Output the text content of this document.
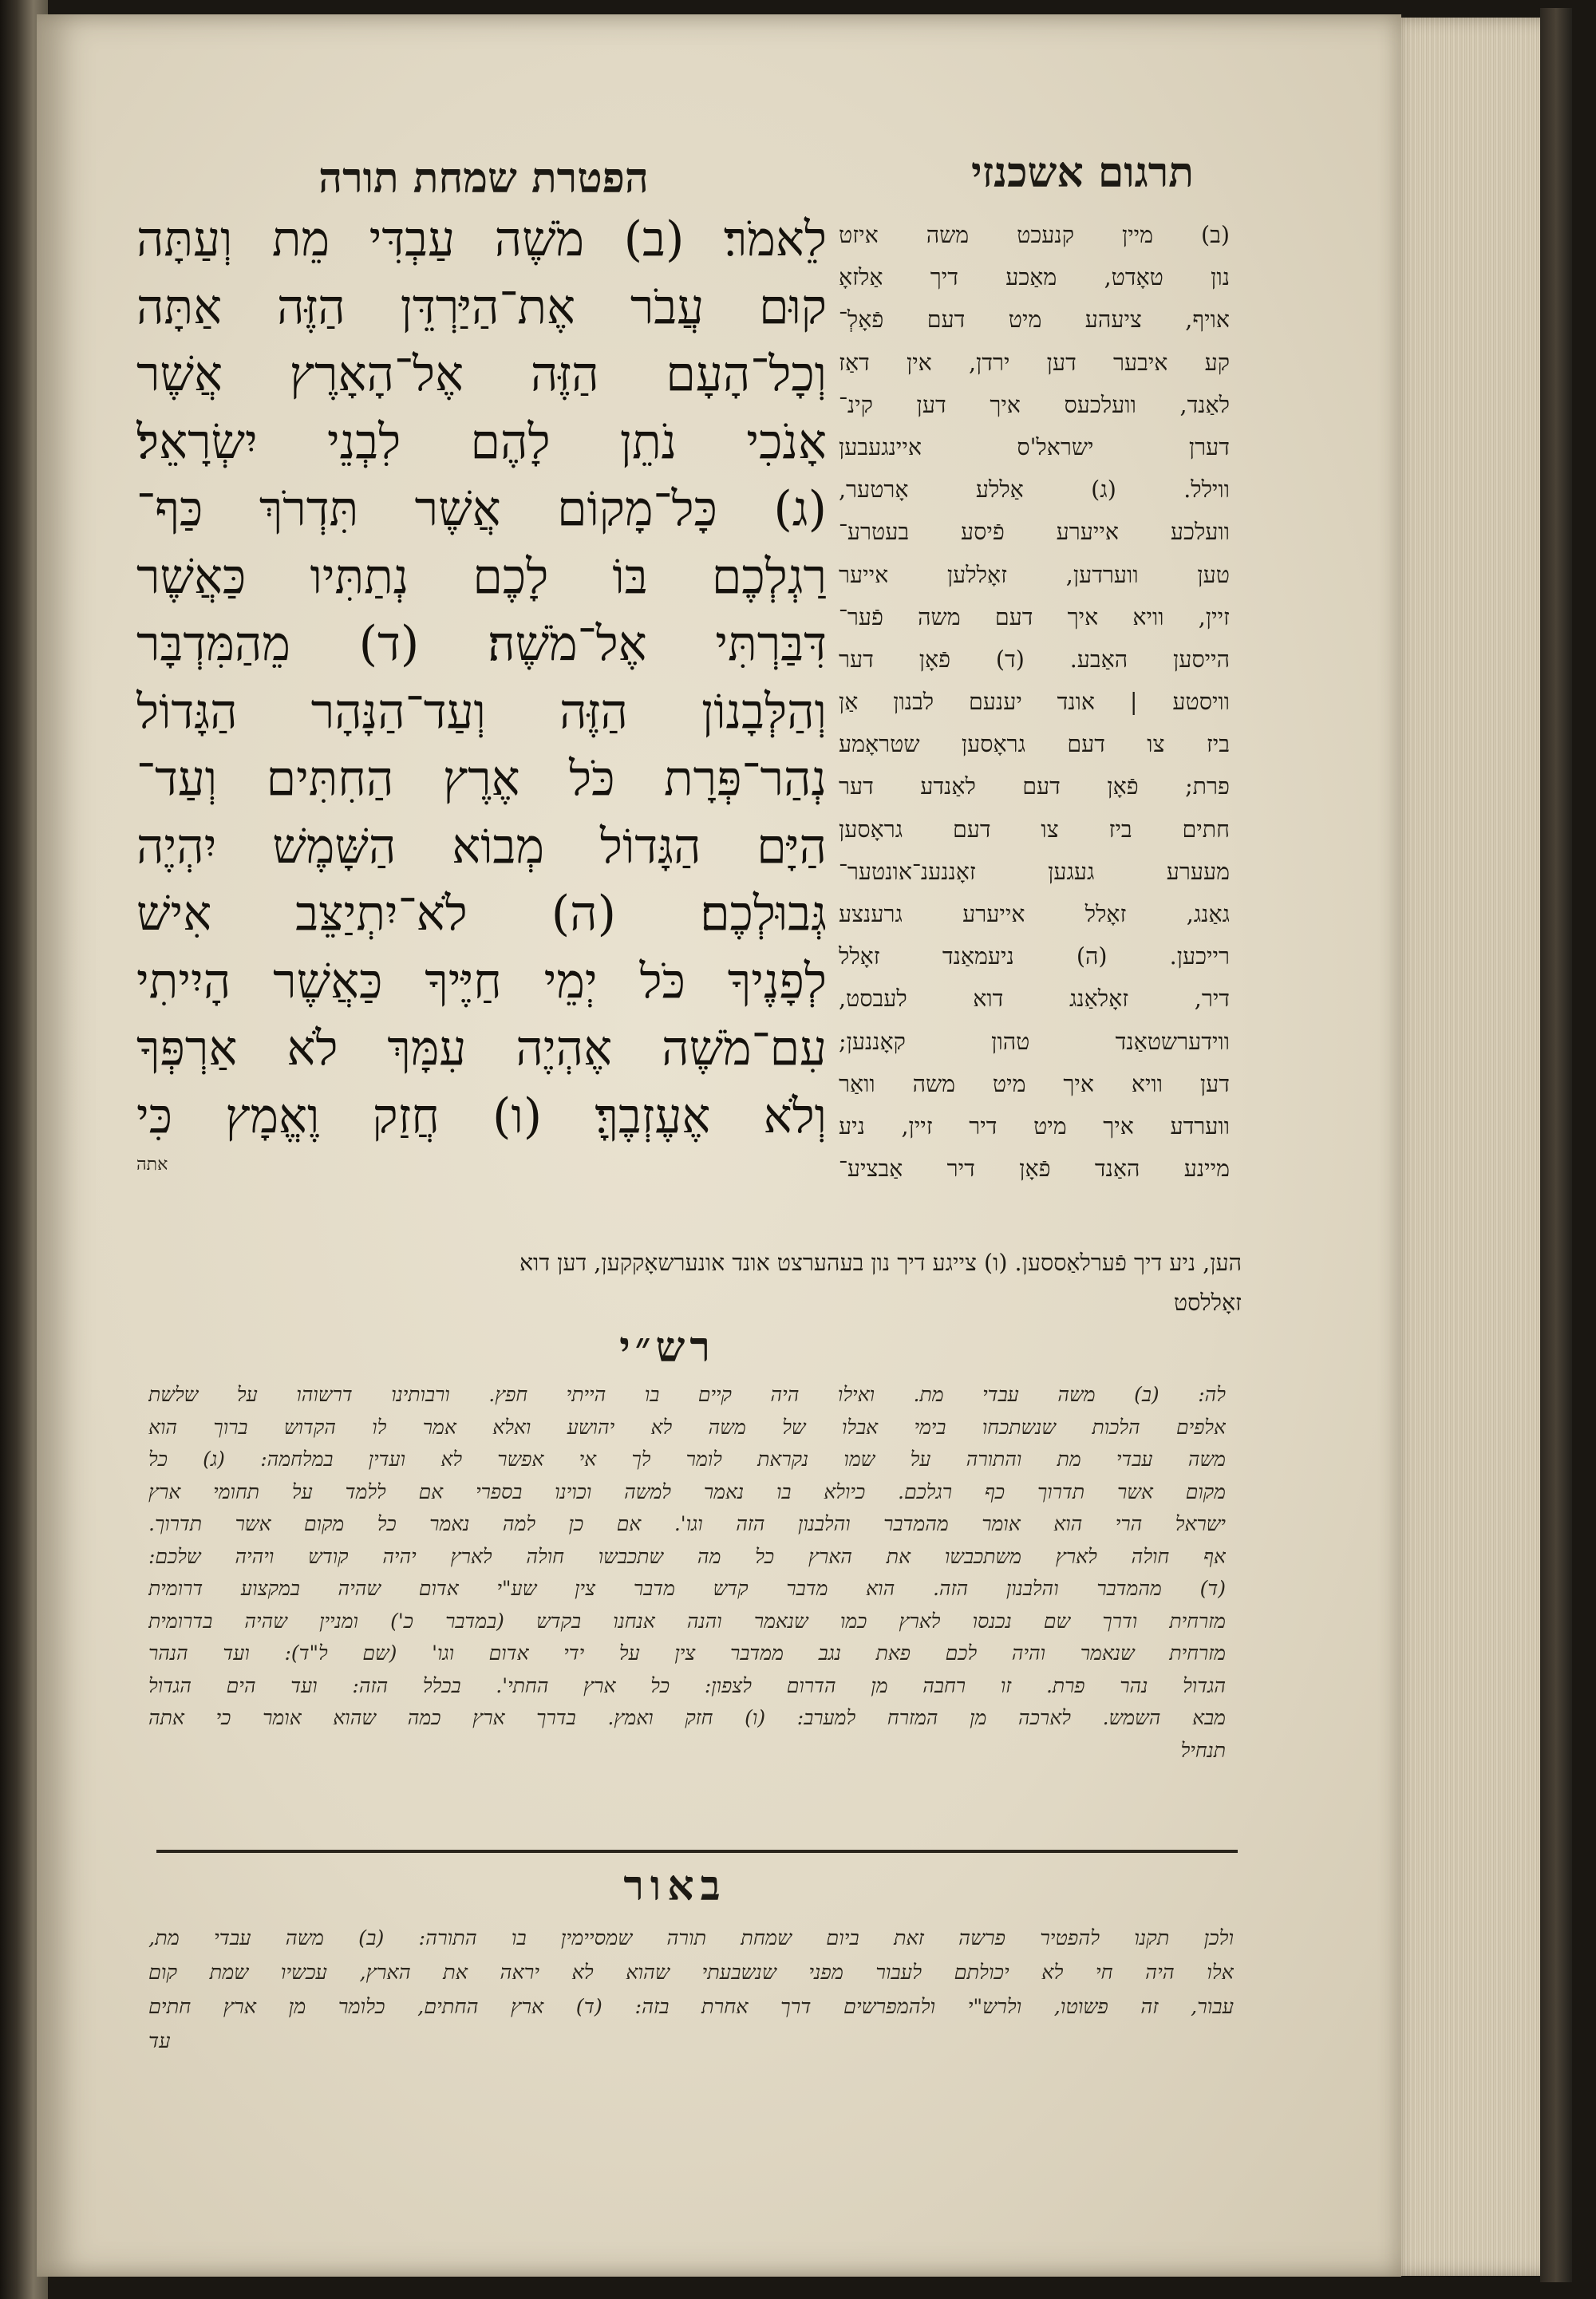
הפטרת שמחת תורה	תרגום אשכנזי
לֵאמֹר׃ (ב) מֹשֶׁה עַבְדִּי מֵת וְעַתָּה
קוּם עֲבֹר אֶת־הַיַּרְדֵּן הַזֶּה אַתָּה
וְכָל־הָעָם הַזֶּה אֶל־הָאָרֶץ אֲשֶׁר
אָנֹכִי נֹתֵן לָהֶם לִבְנֵי יִשְׂרָאֵל׃
(ג) כָּל־מָקוֹם אֲשֶׁר תִּדְרֹךְ כַּף־
רַגְלְכֶם בּוֹ לָכֶם נְתַתִּיו כַּאֲשֶׁר
דִּבַּרְתִּי אֶל־מֹשֶׁה׃ (ד) מֵהַמִּדְבָּר
וְהַלְּבָנוֹן הַזֶּה וְעַד־הַנָּהָר הַגָּדוֹל
נְהַר־פְּרָת כֹּל אֶרֶץ הַחִתִּים וְעַד־
הַיָּם הַגָּדוֹל מְבוֹא הַשָּׁמֶשׁ יִהְיֶה
גְּבוּלְכֶם׃ (ה) לֹא־יִתְיַצֵּב אִישׁ
לְפָנֶיךָ כֹּל יְמֵי חַיֶּיךָ כַּאֲשֶׁר הָיִיתִי
עִם־מֹשֶׁה אֶהְיֶה עִמָּךְ לֹא אַרְפְּךָ
וְלֹא אֶעֶזְבֶךָּ׃ (ו) חֲזַק וֶאֱמָץ כִּי
אתה
(ב) מיין קנעכט משה איזט
נון טאָדט, מאַכע דיך אַלזאָ
אויף, ציעהע מיט דעם פֿאָלְ־
קע איבער דען ירדן, אין דאַז
לאַנד, וועלכעס איך דען קינ־
דערן ישראל'ס איינגעבען
ווילל. (ג) אַללע אָרטער,
וועלכע אייערע פֿיסע בעטרע־
טען ווערדען, זאָללען אייער
זיין, וויא איך דעם משה פֿער־
הייסען האַבע. (ד) פֿאָן דער
וויסטע | אונד יענעם לבנון אַן
ביז צו דעם גראָסען שטראָמע
פרת; פֿאָן דעם לאַנדע דער
חתים ביז צו דעם גראָסען
מעערע געגען זאָננענ־אונטער־
גאַנג, זאָלל אייערע גרענצע
רייכען. (ה) ניעמאַנד זאָלל
דיר, זאָלאַנג דוא לעבסט,
ווידערשטאַנד טהון קאָננען;
דען וויא איך מיט משה וואַר
ווערדע איך מיט דיר זיין, ניע
מיינע האַנד פֿאָן דיר אַבציע־
הען, ניע דיך פֿערלאַססען. (ו) צייגע דיך נון בעהערצט אונד אונערשאָקקען, דען דוא
זאָללסט
רש״י
לה: (ב) משה עבדי מת. ואילו היה קיים בו הייתי חפץ. ורבותינו דרשוהו על שלשת
אלפים הלכות שנשתכחו בימי אבלו של משה לא יהושע ואלא אמר לו הקדוש ברוך הוא
משה עבדי מת והתורה על שמו נקראת לומר לך אי אפשר לא ועדין במלחמה: (ג) כל
מקום אשר תדרוך כף רגלכם. כיולא בו נאמר למשה וכוינו בספרי אם ללמד על תחומי ארץ
ישראל הרי הוא אומר מהמדבר והלבנון הזה וגו'. אם כן למה נאמר כל מקום אשר תדרוך.
אף חולה לארץ משתכבשו את הארץ כל מה שתכבשו חולה לארץ יהיה קודש ויהיה שלכם:
(ד) מהמדבר והלבנון הזה. הוא מדבר קדש מדבר צין שע"י אדום שהיה במקצוע דרומית
מזרחית ודרך שם נכנסו לארץ כמו שנאמר והנה אנחנו בקדש (במדבר כ') ומניין שהיה בדרומית
מזרחית שנאמר והיה לכם פאת נגב ממדבר צין על ידי אדום וגו' (שם ל"ד): ועד הנהר
הגדול נהר פרת. זו רחבה מן הדרום לצפון: כל ארץ החתי'. בכלל הזה: ועד הים הגדול
מבא השמש. לארכה מן המזרח למערב: (ו) חזק ואמץ. בדרך ארץ כמה שהוא אומר כי אתה
תנחיל
באור
ולכן תקנו להפטיר פרשה זאת ביום שמחת תורה שמסיימין בו התורה: (ב) משה עבדי מת,
אלו היה חי לא יכולתם לעבור מפני שנשבעתי שהוא לא יראה את הארץ, עכשיו שמת קום
עבור, זה פשוטו, ולרש"י ולהמפרשים דרך אחרת בזה: (ד) ארץ החתים, כלומר מן ארץ חתים
עד
